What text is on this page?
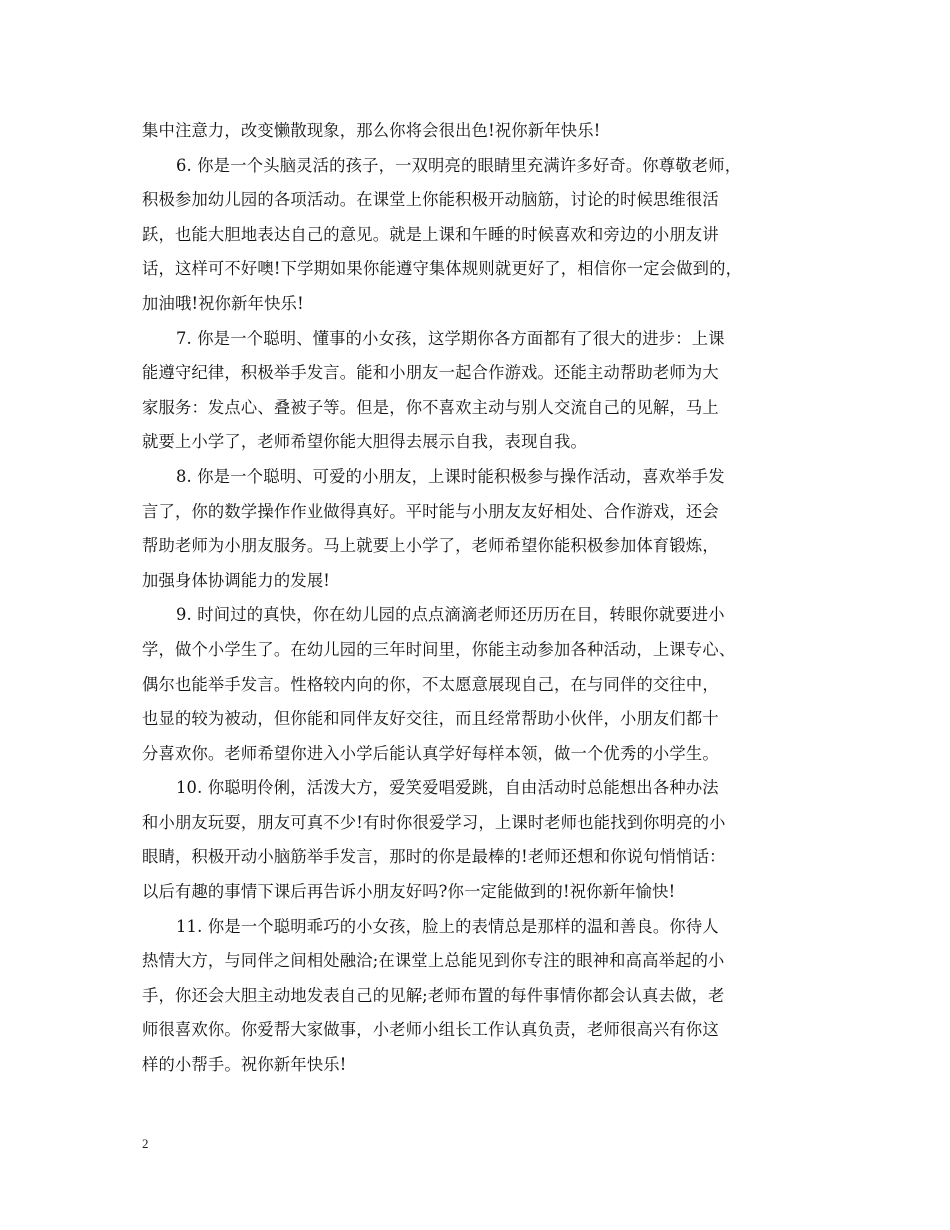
集中注意力，改变懒散现象，那么你将会很出色!祝你新年快乐!
6. 你是一个头脑灵活的孩子，一双明亮的眼睛里充满许多好奇。你尊敬老师，
积极参加幼儿园的各项活动。在课堂上你能积极开动脑筋，讨论的时候思维很活
跃，也能大胆地表达自己的意见。就是上课和午睡的时候喜欢和旁边的小朋友讲
话，这样可不好噢!下学期如果你能遵守集体规则就更好了，相信你一定会做到的，
加油哦!祝你新年快乐!
7. 你是一个聪明、懂事的小女孩，这学期你各方面都有了很大的进步：上课
能遵守纪律，积极举手发言。能和小朋友一起合作游戏。还能主动帮助老师为大
家服务：发点心、叠被子等。但是，你不喜欢主动与别人交流自己的见解，马上
就要上小学了，老师希望你能大胆得去展示自我，表现自我。
8. 你是一个聪明、可爱的小朋友，上课时能积极参与操作活动，喜欢举手发
言了，你的数学操作作业做得真好。平时能与小朋友友好相处、合作游戏，还会
帮助老师为小朋友服务。马上就要上小学了，老师希望你能积极参加体育锻炼，
加强身体协调能力的发展!
9. 时间过的真快，你在幼儿园的点点滴滴老师还历历在目，转眼你就要进小
学，做个小学生了。在幼儿园的三年时间里，你能主动参加各种活动，上课专心、
偶尔也能举手发言。性格较内向的你，不太愿意展现自己，在与同伴的交往中，
也显的较为被动，但你能和同伴友好交往，而且经常帮助小伙伴，小朋友们都十
分喜欢你。老师希望你进入小学后能认真学好每样本领，做一个优秀的小学生。
10. 你聪明伶俐，活泼大方，爱笑爱唱爱跳，自由活动时总能想出各种办法
和小朋友玩耍，朋友可真不少!有时你很爱学习，上课时老师也能找到你明亮的小
眼睛，积极开动小脑筋举手发言，那时的你是最棒的!老师还想和你说句悄悄话：
以后有趣的事情下课后再告诉小朋友好吗?你一定能做到的!祝你新年愉快!
11. 你是一个聪明乖巧的小女孩，脸上的表情总是那样的温和善良。你待人
热情大方，与同伴之间相处融洽;在课堂上总能见到你专注的眼神和高高举起的小
手，你还会大胆主动地发表自己的见解;老师布置的每件事情你都会认真去做，老
师很喜欢你。你爱帮大家做事，小老师小组长工作认真负责，老师很高兴有你这
样的小帮手。祝你新年快乐!
2
